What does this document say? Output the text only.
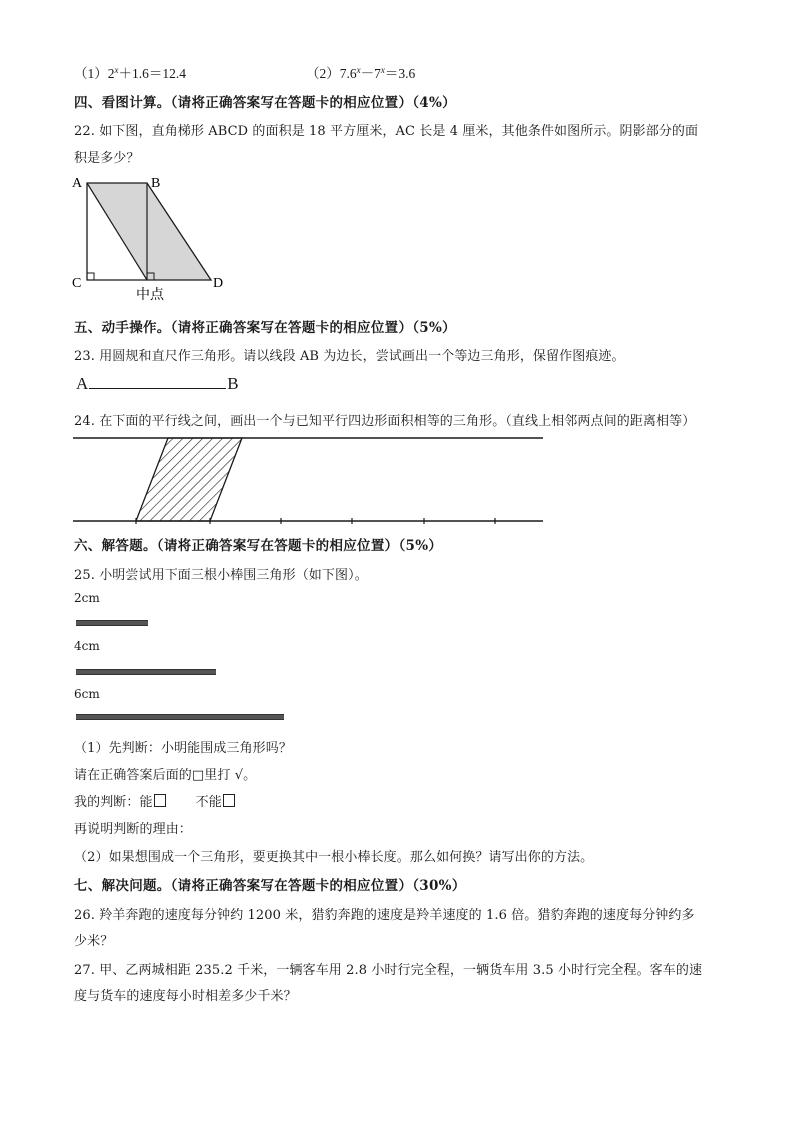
$(1)2^x+1.6=12.4$	$(2)7.6^x-7^x=3.6$
四、看图计算。（请将正确答案写在答题卡的相应位置）（4%）
22. 如下图，直角梯形 ABCD 的面积是 18 平方厘米，AC 长是 4 厘米，其他条件如图所示。阴影部分的面
积是多少？
A	B
C	D
中点
五、动手操作。（请将正确答案写在答题卡的相应位置）（5%）
23. 用圆规和直尺作三角形。请以线段 AB 为边长，尝试画出一个等边三角形，保留作图痕迹。
A	B
24. 在下面的平行线之间，画出一个与已知平行四边形面积相等的三角形。（直线上相邻两点间的距离相等）
六、解答题。（请将正确答案写在答题卡的相应位置）（5%）
25. 小明尝试用下面三根小棒围三角形（如下图）。
2cm
4cm
6cm
（1）先判断：小明能围成三角形吗？
请在正确答案后面的□里打 √。
我的判断：能	不能
再说明判断的理由：
（2）如果想围成一个三角形，要更换其中一根小棒长度。那么如何换？请写出你的方法。
七、解决问题。（请将正确答案写在答题卡的相应位置）（30%）
26. 羚羊奔跑的速度每分钟约 1200 米，猎豹奔跑的速度是羚羊速度的 1.6 倍。猎豹奔跑的速度每分钟约多
少米？
27. 甲、乙两城相距 235.2 千米，一辆客车用 2.8 小时行完全程，一辆货车用 3.5 小时行完全程。客车的速
度与货车的速度每小时相差多少千米？
